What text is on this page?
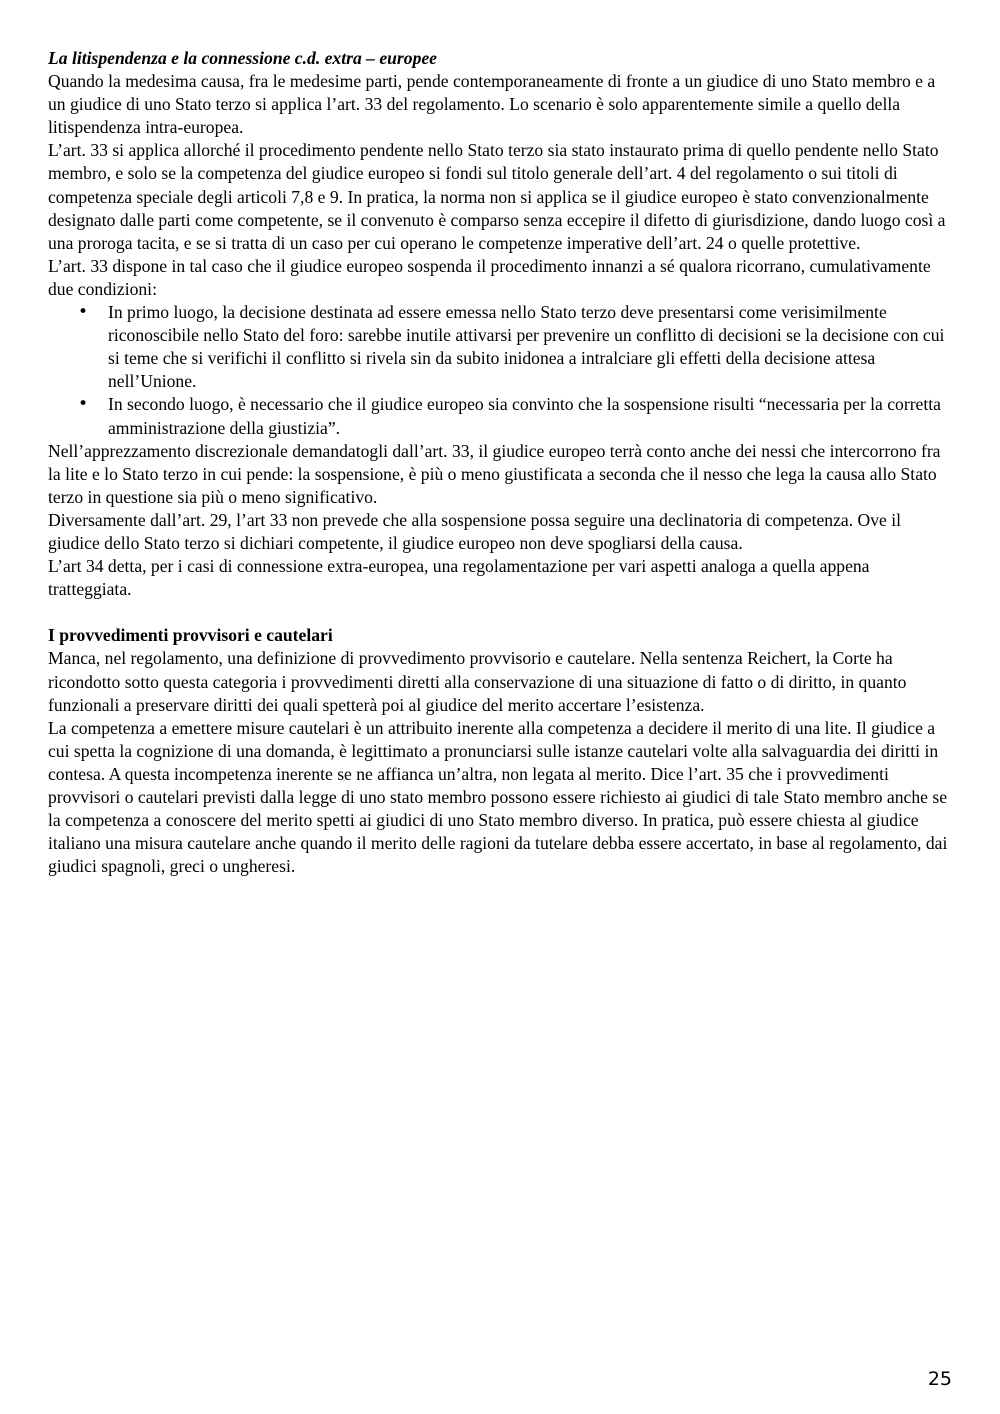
La litispendenza e la connessione c.d. extra – europee

Quando la medesima causa, fra le medesime parti, pende contemporaneamente di fronte a un giudice di uno Stato membro e a un giudice di uno Stato terzo si applica l’art. 33 del regolamento. Lo scenario è solo apparentemente simile a quello della litispendenza intra-europea.

L’art. 33 si applica allorché il procedimento pendente nello Stato terzo sia stato instaurato prima di quello pendente nello Stato membro, e solo se la competenza del giudice europeo si fondi sul titolo generale dell’art. 4 del regolamento o sui titoli di competenza speciale degli articoli 7,8 e 9. In pratica, la norma non si applica se il giudice europeo è stato convenzionalmente designato dalle parti come competente, se il convenuto è comparso senza eccepire il difetto di giurisdizione, dando luogo così a una proroga tacita, e se si tratta di un caso per cui operano le competenze imperative dell’art. 24 o quelle protettive.

L’art. 33 dispone in tal caso che il giudice europeo sospenda il procedimento innanzi a sé qualora ricorrano, cumulativamente due condizioni:

• In primo luogo, la decisione destinata ad essere emessa nello Stato terzo deve presentarsi come verisimilmente riconoscibile nello Stato del foro: sarebbe inutile attivarsi per prevenire un conflitto di decisioni se la decisione con cui si teme che si verifichi il conflitto si rivela sin da subito inidonea a intralciare gli effetti della decisione attesa nell’Unione.
• In secondo luogo, è necessario che il giudice europeo sia convinto che la sospensione risulti “necessaria per la corretta amministrazione della giustizia”.

Nell’apprezzamento discrezionale demandatogli dall’art. 33, il giudice europeo terrà conto anche dei nessi che intercorrono fra la lite e lo Stato terzo in cui pende: la sospensione, è più o meno giustificata a seconda che il nesso che lega la causa allo Stato terzo in questione sia più o meno significativo.

Diversamente dall’art. 29, l’art 33 non prevede che alla sospensione possa seguire una declinatoria di competenza. Ove il giudice dello Stato terzo si dichiari competente, il giudice europeo non deve spogliarsi della causa.

L’art 34 detta, per i casi di connessione extra-europea, una regolamentazione per vari aspetti analoga a quella appena tratteggiata.

I provvedimenti provvisori e cautelari

Manca, nel regolamento, una definizione di provvedimento provvisorio e cautelare. Nella sentenza Reichert, la Corte ha ricondotto sotto questa categoria i provvedimenti diretti alla conservazione di una situazione di fatto o di diritto, in quanto funzionali a preservare diritti dei quali spetterà poi al giudice del merito accertare l’esistenza.

La competenza a emettere misure cautelari è un attribuito inerente alla competenza a decidere il merito di una lite. Il giudice a cui spetta la cognizione di una domanda, è legittimato a pronunciarsi sulle istanze cautelari volte alla salvaguardia dei diritti in contesa. A questa incompetenza inerente se ne affianca un’altra, non legata al merito. Dice l’art. 35 che i provvedimenti provvisori o cautelari previsti dalla legge di uno stato membro possono essere richiesto ai giudici di tale Stato membro anche se la competenza a conoscere del merito spetti ai giudici di uno Stato membro diverso. In pratica, può essere chiesta al giudice italiano una misura cautelare anche quando il merito delle ragioni da tutelare debba essere accertato, in base al regolamento, dai giudici spagnoli, greci o ungheresi.

25
